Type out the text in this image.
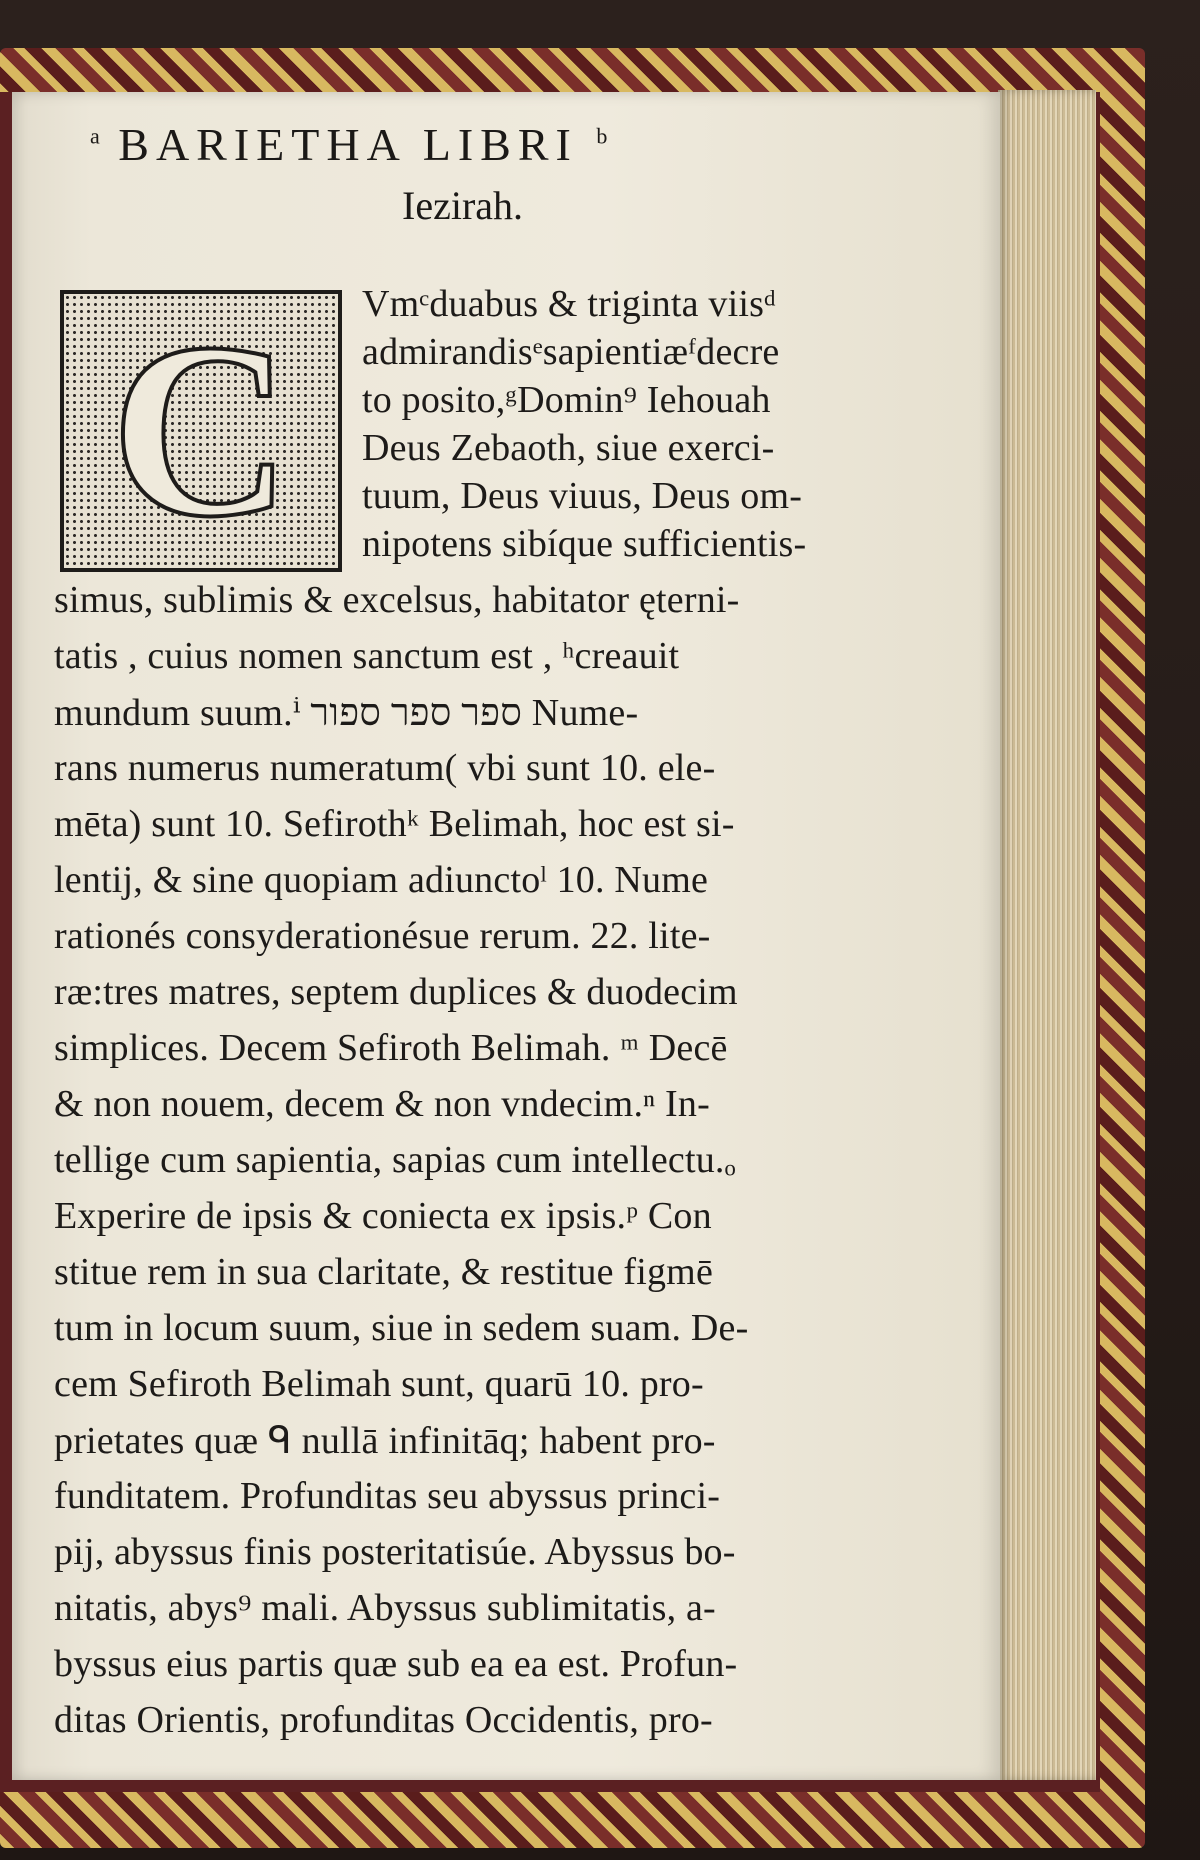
$^a$ BARIETHA LIBRI $^b$
Iezirah.
C	Vmᶜduabus & triginta viisᵈ
admirandisᵉsapientiæᶠdecre
to posito,ᵍDomin⁹ Iehouah
Deus Zebaoth, siue exerci-
tuum, Deus viuus, Deus om-
nipotens sibíque sufficientis-
simus, sublimis & excelsus, habitator ęterni-
tatis , cuius nomen sanctum est , ʰcreauit
mundum suum.ⁱ ספר ספר ספור Nume-
rans numerus numeratum( vbi sunt 10. ele-
mēta) sunt 10. Sefirothᵏ Belimah, hoc est si-
lentij, & sine quopiam adiunctoˡ 10. Nume
rationés consyderationésue rerum. 22. lite-
ræ:tres matres, septem duplices & duodecim
simplices. Decem Sefiroth Belimah. ᵐ Decē
& non nouem, decem & non vndecim.ⁿ In-
tellige cum sapientia, sapias cum intellectu.ₒ
Experire de ipsis & coniecta ex ipsis.ᵖ Con
stitue rem in sua claritate, & restitue figmē
tum in locum suum, siue in sedem suam. De-
cem Sefiroth Belimah sunt, quarū 10. pro-
prietates quæ ᑫ nullā infinitāq; habent pro-
funditatem. Profunditas seu abyssus princi-
pij, abyssus finis posteritatisúe. Abyssus bo-
nitatis, abys⁹ mali. Abyssus sublimitatis, a-
byssus eius partis quæ sub ea ea est. Profun-
ditas Orientis, profunditas Occidentis, pro-
